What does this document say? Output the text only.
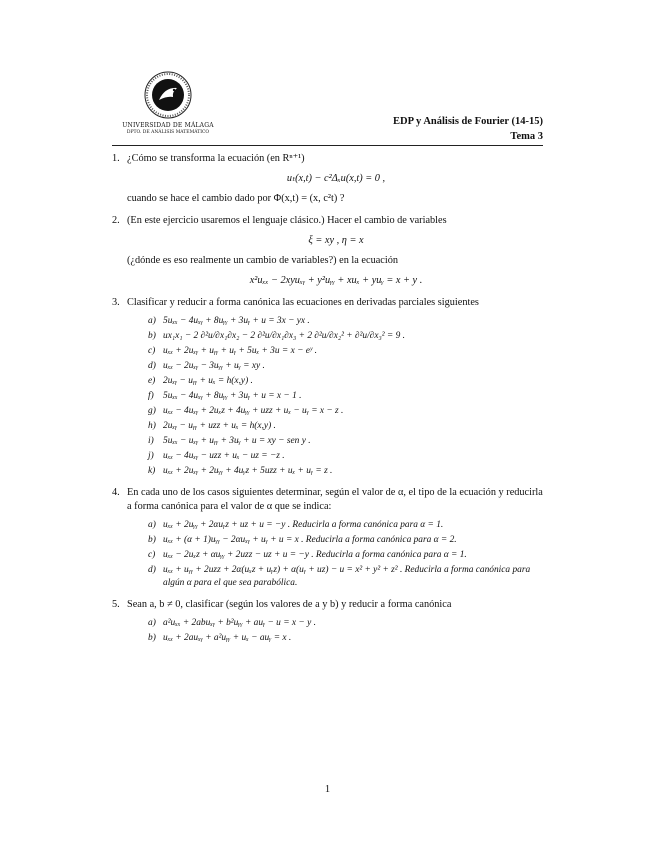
UNIVERSIDAD DE MÁLAGA
DPTO. DE ANÁLISIS MATEMÁTICO
EDP y Análisis de Fourier (14-15)
Tema 3
1. ¿Cómo se transforma la ecuación (en Rⁿ⁺¹)
uₜ(x,t) − c²Δₓu(x,t) = 0 ,
cuando se hace el cambio dado por Φ(x,t) = (x, c²t) ?
2. (En este ejercicio usaremos el lenguaje clásico.) Hacer el cambio de variables
ξ = xy , η = x
(¿dónde es eso realmente un cambio de variables?) en la ecuación
x²uₓₓ − 2xyuₓᵧ + y²uᵧᵧ + xuₓ + yuᵧ = x + y .
3. Clasificar y reducir a forma canónica las ecuaciones en derivadas parciales siguientes
a) 5uₓₓ − 4uₓᵧ + 8uᵧᵧ + 3uᵧ + u = 3x − yx .
b) ux₁x₁ − 2 ∂²u/∂x₁∂x₂ − 2 ∂²u/∂x₁∂x₃ + 2 ∂²u/∂x₂² + ∂²u/∂x₃² = 9 .
c) uₓₓ + 2uₓᵧ + uᵧᵧ + uᵧ + 5uₓ + 3u = x − eʸ .
d) uₓₓ − 2uₓᵧ − 3uᵧᵧ + uᵧ = xy .
e) 2uₓᵧ − uᵧᵧ + uₓ = h(x,y) .
f) 5uₓₓ − 4uₓᵧ + 8uᵧᵧ + 3uᵧ + u = x − 1 .
g) uₓₓ − 4uₓᵧ + 2uₓz + 4uᵧᵧ + uzz + uₓ − uᵧ = x − z .
h) 2uₓᵧ − uᵧᵧ + uzz + uₓ = h(x,y) .
i) 5uₓₓ − uₓᵧ + uᵧᵧ + 3uᵧ + u = xy − sen y .
j) uₓₓ − 4uₓᵧ − uzz + uₓ − uz = −z .
k) uₓₓ + 2uₓᵧ + 2uᵧᵧ + 4uᵧz + 5uzz + uₓ + uᵧ = z .
4. En cada uno de los casos siguientes determinar, según el valor de α, el tipo de la ecuación y reducirla a forma canónica para el valor de α que se indica:
a) uₓₓ + 2uᵧᵧ + 2αuᵧz + uz + u = −y . Reducirla a forma canónica para α = 1.
b) uₓₓ + (α + 1)uᵧᵧ − 2αuₓᵧ + uᵧ + u = x . Reducirla a forma canónica para α = 2.
c) uₓₓ − 2uₓz + αuᵧᵧ + 2uzz − uz + u = −y . Reducirla a forma canónica para α = 1.
d) uₓₓ + uᵧᵧ + 2uzz + 2α(uₓz + uᵧz) + α(uᵧ + uz) − u = x² + y² + z² . Reducirla a forma canónica para algún α para el que sea parabólica.
5. Sean a, b ≠ 0, clasificar (según los valores de a y b) y reducir a forma canónica
a) a²uₓₓ + 2abuₓᵧ + b²uᵧᵧ + auᵧ − u = x − y .
b) uₓₓ + 2auₓᵧ + a²uᵧᵧ + uₓ − auᵧ = x .
1
